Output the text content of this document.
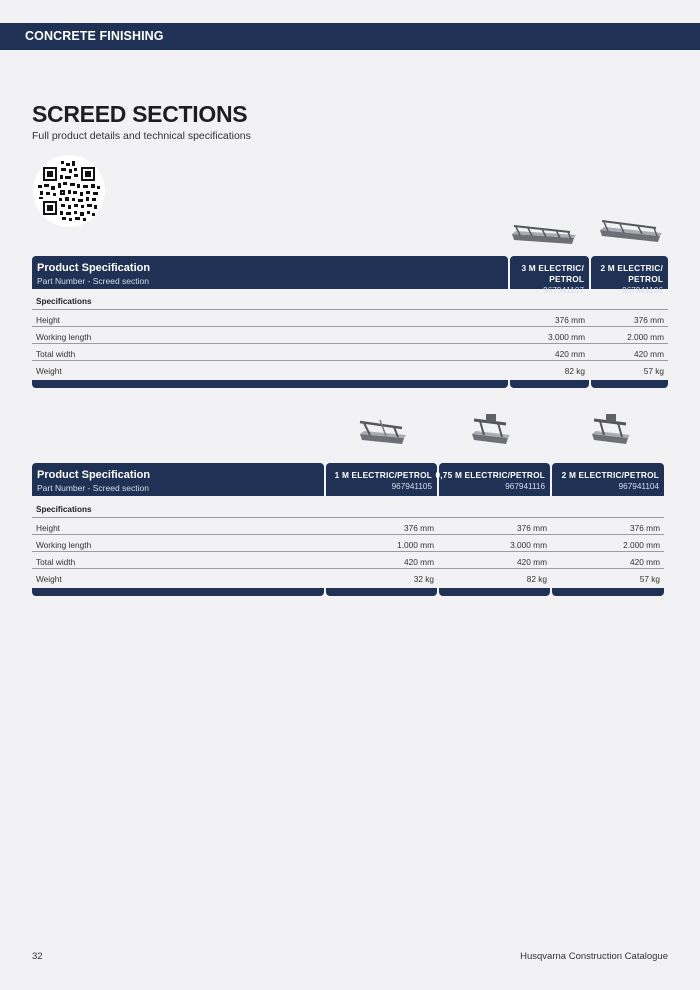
CONCRETE FINISHING
SCREED SECTIONS
Full product details and technical specifications
Product Specification
Part Number - Screed section
3 M ELECTRIC/
PETROL 967941107
2 M ELECTRIC/
PETROL 967941106
Specifications
Height	376 mm	376 mm
Working length	3.000 mm	2.000 mm
Total width	420 mm	420 mm
Weight	82 kg	57 kg
Product Specification
Part Number - Screed section
1 M ELECTRIC/PETROL
967941105
0,75 M ELECTRIC/PETROL
967941116
2 M ELECTRIC/PETROL
967941104
Specifications
Height	376 mm	376 mm	376 mm
Working length	1.000 mm	3.000 mm	2.000 mm
Total width	420 mm	420 mm	420 mm
Weight	32 kg	82 kg	57 kg
32	Husqvarna Construction Catalogue
